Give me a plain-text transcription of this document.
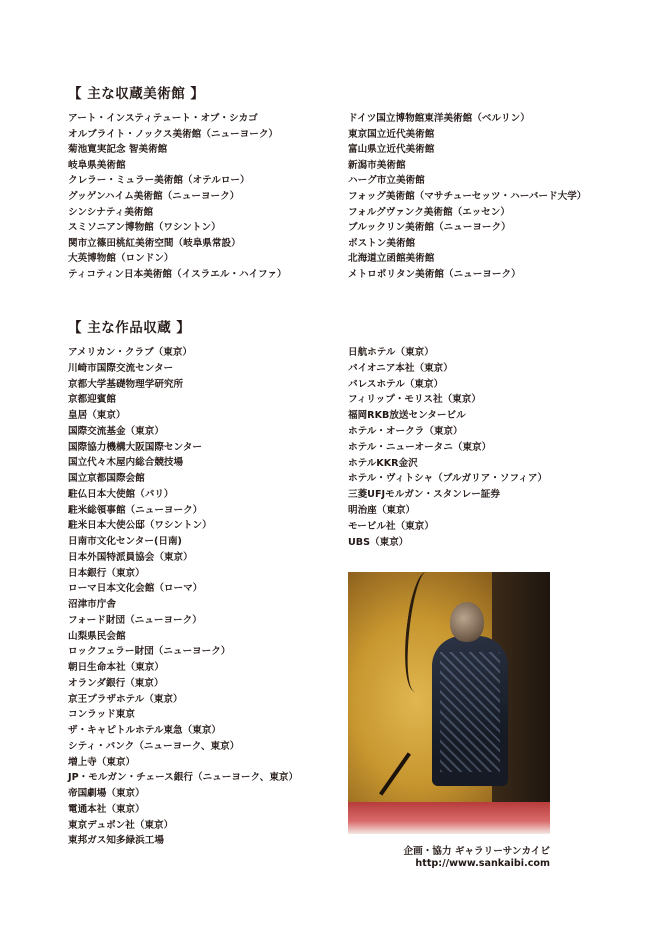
【 主な収蔵美術館 】
アート・インスティテュート・オブ・シカゴ
オルブライト・ノックス美術館（ニューヨーク）
菊池寛実記念 智美術館
岐阜県美術館
クレラー・ミュラー美術館（オテルロー）
グッゲンハイム美術館（ニューヨーク）
シンシナティ美術館
スミソニアン博物館（ワシントン）
関市立篠田桃紅美術空間（岐阜県常設）
大英博物館（ロンドン）
ティコティン日本美術館（イスラエル・ハイファ）
ドイツ国立博物館東洋美術館（ベルリン）
東京国立近代美術館
富山県立近代美術館
新潟市美術館
ハーグ市立美術館
フォッグ美術館（マサチューセッツ・ハーバード大学）
フォルグヴァンク美術館（エッセン）
ブルックリン美術館（ニューヨーク）
ボストン美術館
北海道立函館美術館
メトロポリタン美術館（ニューヨーク）
【 主な作品収蔵 】
アメリカン・クラブ（東京）
川崎市国際交流センター
京都大学基礎物理学研究所
京都迎賓館
皇居（東京）
国際交流基金（東京）
国際協力機構大阪国際センター
国立代々木屋内総合競技場
国立京都国際会館
駐仏日本大使館（パリ）
駐米総領事館（ニューヨーク）
駐米日本大使公邸（ワシントン）
日南市文化センター(日南)
日本外国特派員協会（東京）
日本銀行（東京）
ローマ日本文化会館（ローマ）
沼津市庁舎
フォード財団（ニューヨーク）
山梨県民会館
ロックフェラー財団（ニューヨーク）
朝日生命本社（東京）
オランダ銀行（東京）
京王プラザホテル（東京）
コンラッド東京
ザ・キャピトルホテル東急（東京）
シティ・バンク（ニューヨーク、東京）
増上寺（東京）
JP・モルガン・チェース銀行（ニューヨーク、東京）
帝国劇場（東京）
電通本社（東京）
東京デュポン社（東京）
東邦ガス知多緑浜工場
日航ホテル（東京）
パイオニア本社（東京）
パレスホテル（東京）
フィリップ・モリス社（東京）
福岡RKB放送センタービル
ホテル・オークラ（東京）
ホテル・ニューオータニ（東京）
ホテルKKR金沢
ホテル・ヴィトシャ（ブルガリア・ソフィア）
三菱UFJモルガン・スタンレー証券
明治座（東京）
モービル社（東京）
UBS（東京）
企画・協力 ギャラリーサンカイビ
http://www.sankaibi.com
